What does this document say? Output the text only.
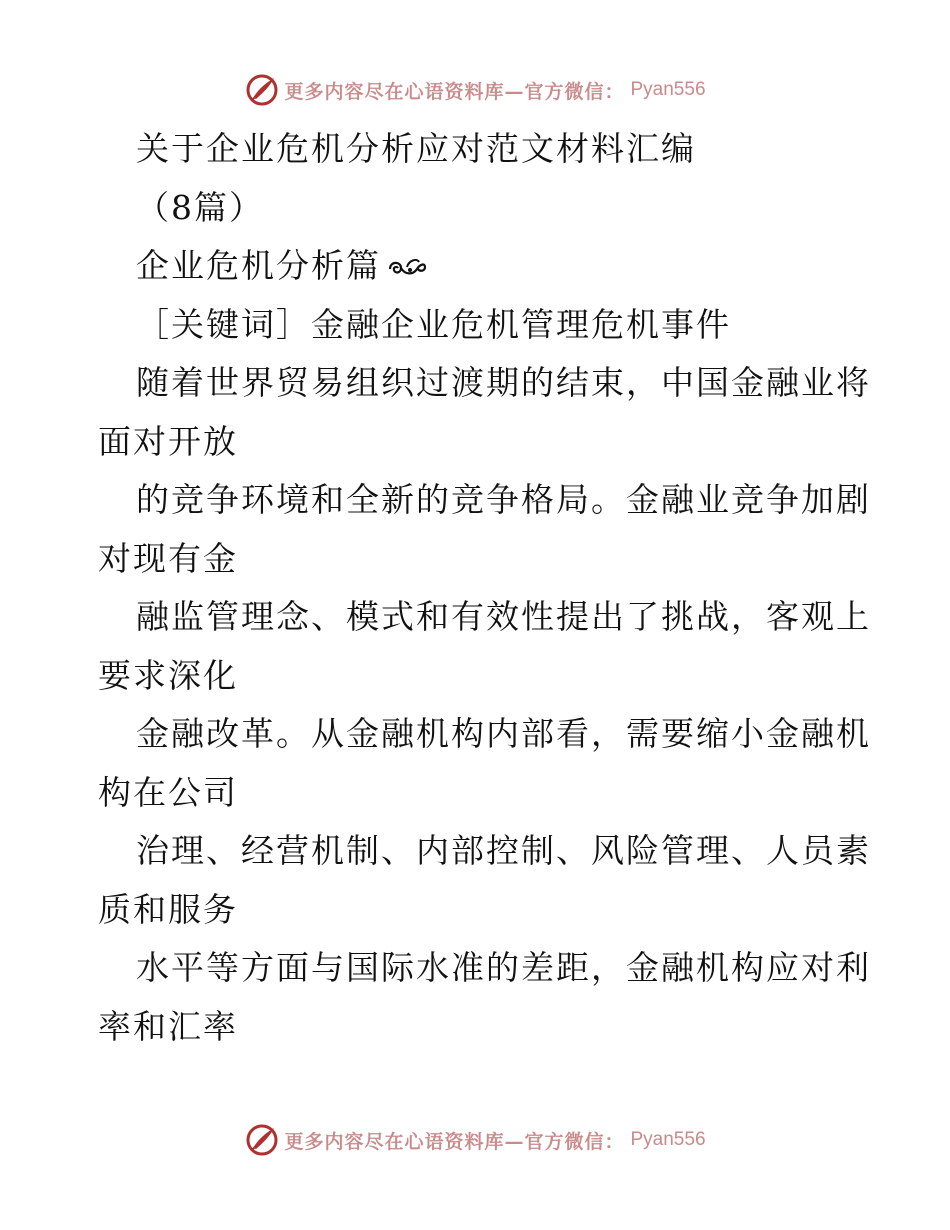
更多内容尽在心语资料库—官方微信： Pyan556
关于企业危机分析应对范文材料汇编
（8篇）
企业危机分析篇
［关键词］金融企业危机管理危机事件
随着世界贸易组织过渡期的结束，中国金融业将
面对开放
的竞争环境和全新的竞争格局。金融业竞争加剧
对现有金
融监管理念、模式和有效性提出了挑战，客观上
要求深化
金融改革。从金融机构内部看，需要缩小金融机
构在公司
治理、经营机制、内部控制、风险管理、人员素
质和服务
水平等方面与国际水准的差距，金融机构应对利
率和汇率
更多内容尽在心语资料库—官方微信： Pyan556
